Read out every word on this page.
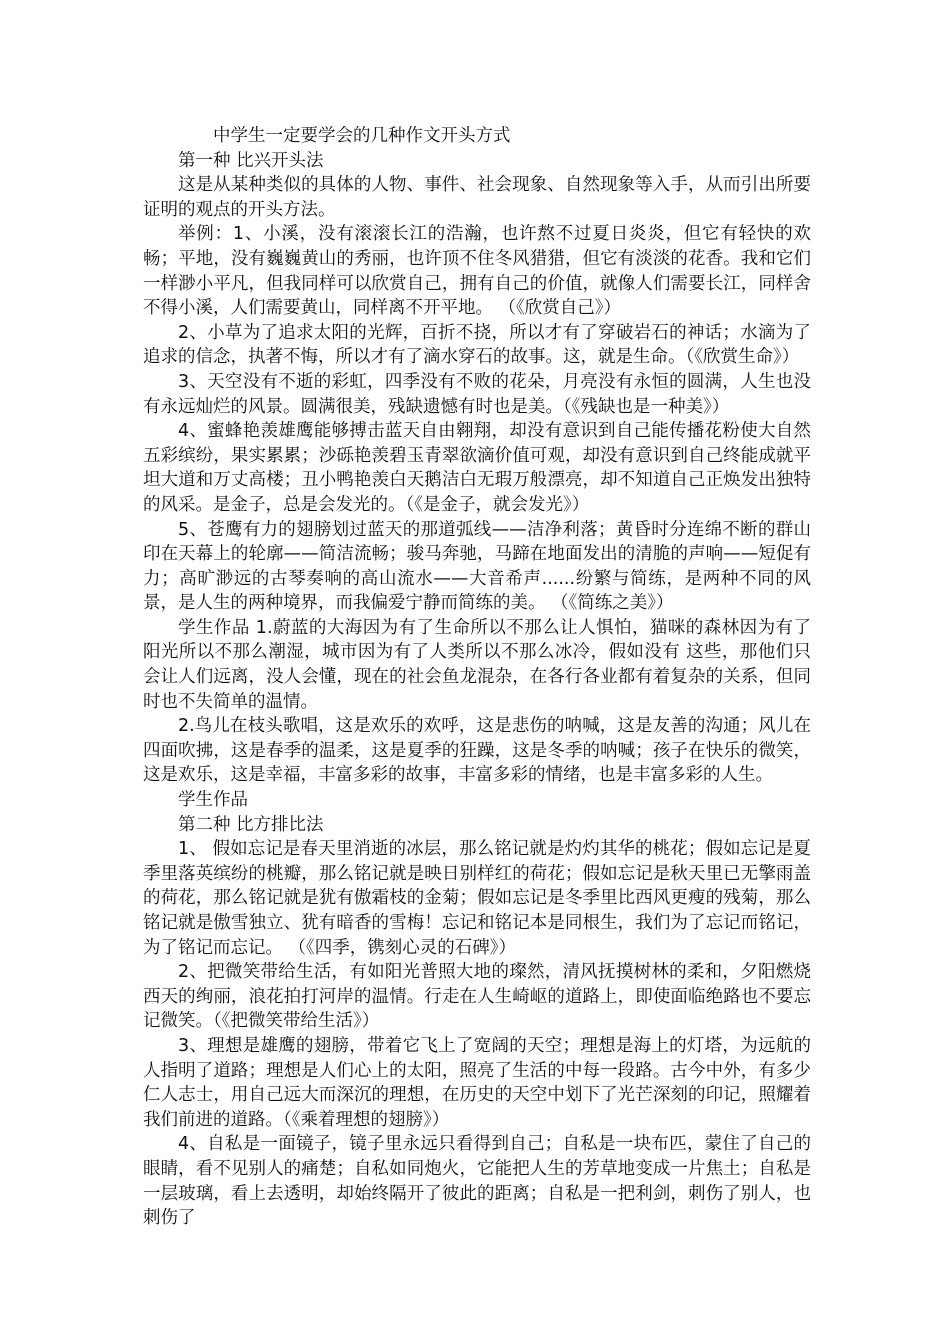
中学生一定要学会的几种作文开头方式

第一种 比兴开头法

这是从某种类似的具体的人物、事件、社会现象、自然现象等入手，从而引出所要证明的观点的开头方法。

举例：1、小溪，没有滚滚长江的浩瀚，也许熬不过夏日炎炎，但它有轻快的欢畅；平地，没有巍巍黄山的秀丽，也许顶不住冬风猎猎，但它有淡淡的花香。我和它们一样渺小平凡，但我同样可以欣赏自己，拥有自己的价值，就像人们需要长江，同样舍不得小溪，人们需要黄山，同样离不开平地。 （《欣赏自己》）

2、小草为了追求太阳的光辉，百折不挠，所以才有了穿破岩石的神话；水滴为了追求的信念，执著不悔，所以才有了滴水穿石的故事。这，就是生命。（《欣赏生命》）

3、天空没有不逝的彩虹，四季没有不败的花朵，月亮没有永恒的圆满，人生也没有永远灿烂的风景。圆满很美，残缺遗憾有时也是美。（《残缺也是一种美》）

4、蜜蜂艳羡雄鹰能够搏击蓝天自由翱翔，却没有意识到自己能传播花粉使大自然五彩缤纷，果实累累；沙砾艳羡碧玉青翠欲滴价值可观，却没有意识到自己终能成就平坦大道和万丈高楼；丑小鸭艳羡白天鹅洁白无瑕万般漂亮，却不知道自己正焕发出独特的风采。是金子，总是会发光的。（《是金子，就会发光》）

5、苍鹰有力的翅膀划过蓝天的那道弧线——洁净利落；黄昏时分连绵不断的群山印在天幕上的轮廓——简洁流畅；骏马奔驰，马蹄在地面发出的清脆的声响——短促有力；高旷渺远的古琴奏响的高山流水——大音希声......纷繁与简练，是两种不同的风景，是人生的两种境界，而我偏爱宁静而简练的美。 （《简练之美》）

学生作品 1.蔚蓝的大海因为有了生命所以不那么让人惧怕，猫咪的森林因为有了阳光所以不那么潮湿，城市因为有了人类所以不那么冰冷，假如没有 这些，那他们只会让人们远离，没人会懂，现在的社会鱼龙混杂，在各行各业都有着复杂的关系，但同时也不失简单的温情。

2.鸟儿在枝头歌唱，这是欢乐的欢呼，这是悲伤的呐喊，这是友善的沟通；风儿在四面吹拂，这是春季的温柔，这是夏季的狂躁，这是冬季的呐喊；孩子在快乐的微笑，这是欢乐，这是幸福，丰富多彩的故事，丰富多彩的情绪，也是丰富多彩的人生。

学生作品

第二种 比方排比法

1、 假如忘记是春天里消逝的冰层，那么铭记就是灼灼其华的桃花；假如忘记是夏季里落英缤纷的桃瓣，那么铭记就是映日别样红的荷花；假如忘记是秋天里已无擎雨盖的荷花，那么铭记就是犹有傲霜枝的金菊；假如忘记是冬季里比西风更瘦的残菊，那么铭记就是傲雪独立、犹有暗香的雪梅！忘记和铭记本是同根生，我们为了忘记而铭记，为了铭记而忘记。 （《四季，镌刻心灵的石碑》）

2、把微笑带给生活，有如阳光普照大地的璨然，清风抚摸树林的柔和，夕阳燃烧西天的绚丽，浪花拍打河岸的温情。行走在人生崎岖的道路上，即使面临绝路也不要忘记微笑。（《把微笑带给生活》）

3、理想是雄鹰的翅膀，带着它飞上了宽阔的天空；理想是海上的灯塔，为远航的人指明了道路；理想是人们心上的太阳，照亮了生活的中每一段路。古今中外，有多少仁人志士，用自己远大而深沉的理想，在历史的天空中划下了光芒深刻的印记，照耀着我们前进的道路。（《乘着理想的翅膀》）

4、自私是一面镜子，镜子里永远只看得到自己；自私是一块布匹，蒙住了自己的眼睛，看不见别人的痛楚；自私如同炮火，它能把人生的芳草地变成一片焦土；自私是一层玻璃，看上去透明，却始终隔开了彼此的距离；自私是一把利剑，刺伤了别人，也刺伤了
